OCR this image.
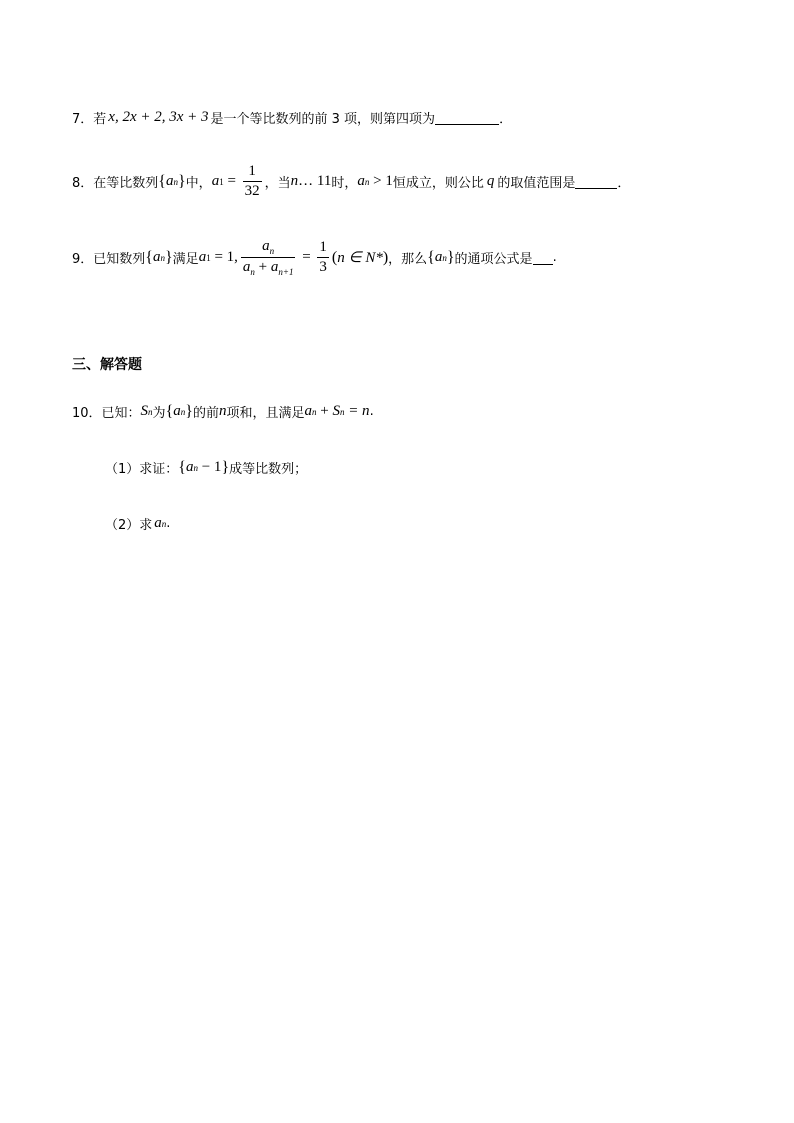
7． 若 x, 2x + 2, 3x + 3 是一个等比数列的前 3 项，则第四项为	．
8． 在等比数列 { a n } 中， a $1 = \frac{1}{32}$ ，当 n … 11 时， a n > 1 恒成立，则公比 q 的取值范围是	．
9． 已知数列 { a n } 满足 a 1 = 1, $\frac{a_n}{a_n + a_{n+1}} = \frac{1}{3}$ ( n ∈ N* ) ，那么 { a n } 的通项公式是 .
三、解答题
10．已知： S n 为 { a n } 的前 n 项和，且满足 a n + S n = n .
（1）求证： { a n − 1 } 成等比数列；
（2）求 a n .
